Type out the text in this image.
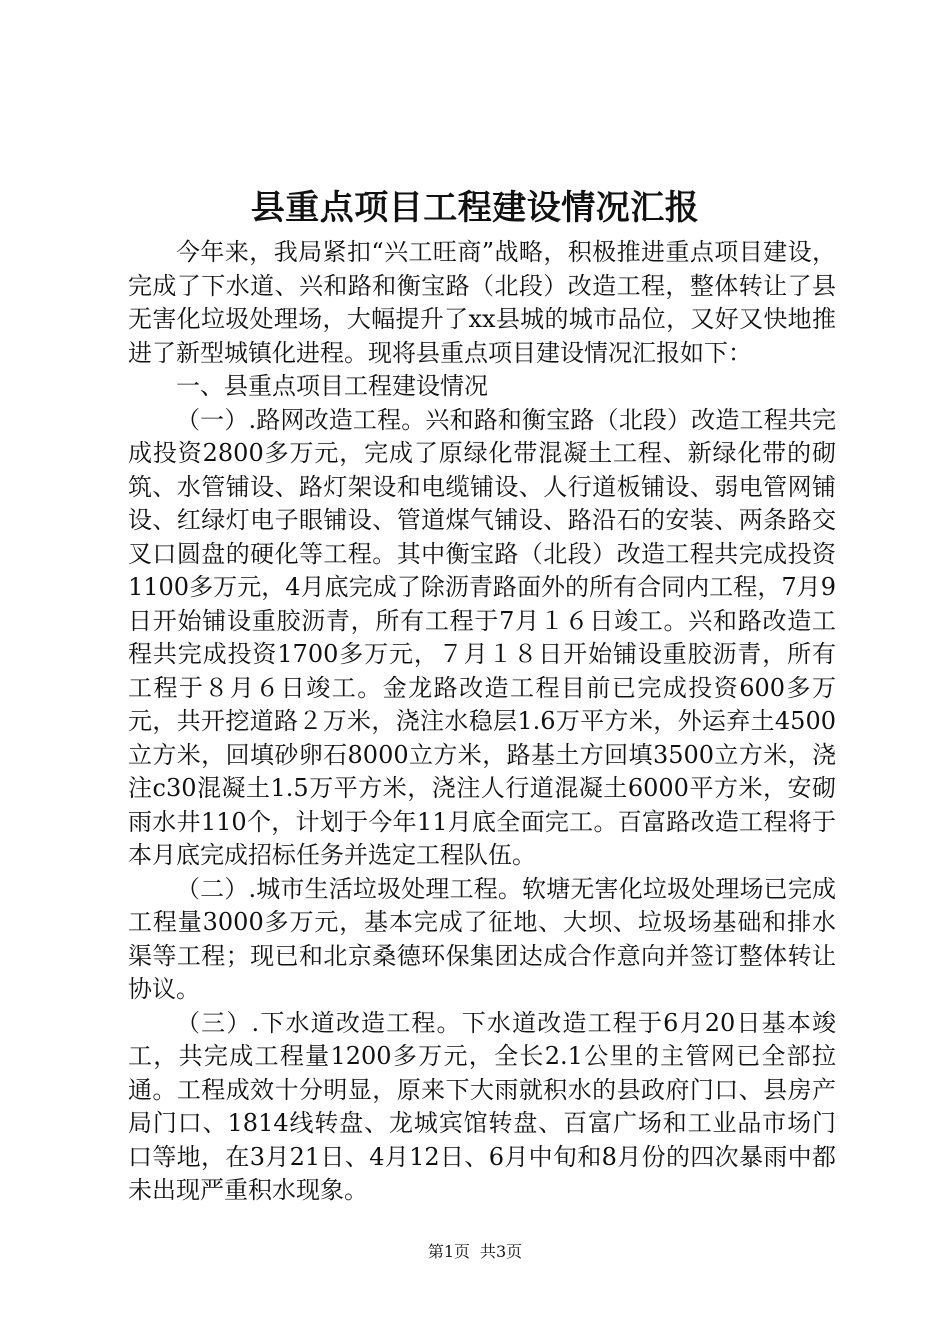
县重点项目工程建设情况汇报

今年来，我局紧扣“兴工旺商”战略，积极推进重点项目建设，完成了下水道、兴和路和衡宝路（北段）改造工程，整体转让了县无害化垃圾处理场，大幅提升了xx县城的城市品位，又好又快地推进了新型城镇化进程。现将县重点项目建设情况汇报如下：

一、县重点项目工程建设情况

（一）.路网改造工程。兴和路和衡宝路（北段）改造工程共完成投资2800多万元，完成了原绿化带混凝土工程、新绿化带的砌筑、水管铺设、路灯架设和电缆铺设、人行道板铺设、弱电管网铺设、红绿灯电子眼铺设、管道煤气铺设、路沿石的安装、两条路交叉口圆盘的硬化等工程。其中衡宝路（北段）改造工程共完成投资1100多万元，4月底完成了除沥青路面外的所有合同内工程，7月9日开始铺设重胶沥青，所有工程于7月１６日竣工。兴和路改造工程共完成投资1700多万元，７月１８日开始铺设重胶沥青，所有工程于８月６日竣工。金龙路改造工程目前已完成投资600多万元，共开挖道路２万米，浇注水稳层1.6万平方米，外运弃土4500立方米，回填砂卵石8000立方米，路基土方回填3500立方米，浇注c30混凝土1.5万平方米，浇注人行道混凝土6000平方米，安砌雨水井110个，计划于今年11月底全面完工。百富路改造工程将于本月底完成招标任务并选定工程队伍。

（二）.城市生活垃圾处理工程。软塘无害化垃圾处理场已完成工程量3000多万元，基本完成了征地、大坝、垃圾场基础和排水渠等工程；现已和北京桑德环保集团达成合作意向并签订整体转让协议。

（三）.下水道改造工程。下水道改造工程于6月20日基本竣工，共完成工程量1200多万元，全长2.1公里的主管网已全部拉通。工程成效十分明显，原来下大雨就积水的县政府门口、县房产局门口、1814线转盘、龙城宾馆转盘、百富广场和工业品市场门口等地，在3月21日、4月12日、6月中旬和8月份的四次暴雨中都未出现严重积水现象。

第1页 共3页
